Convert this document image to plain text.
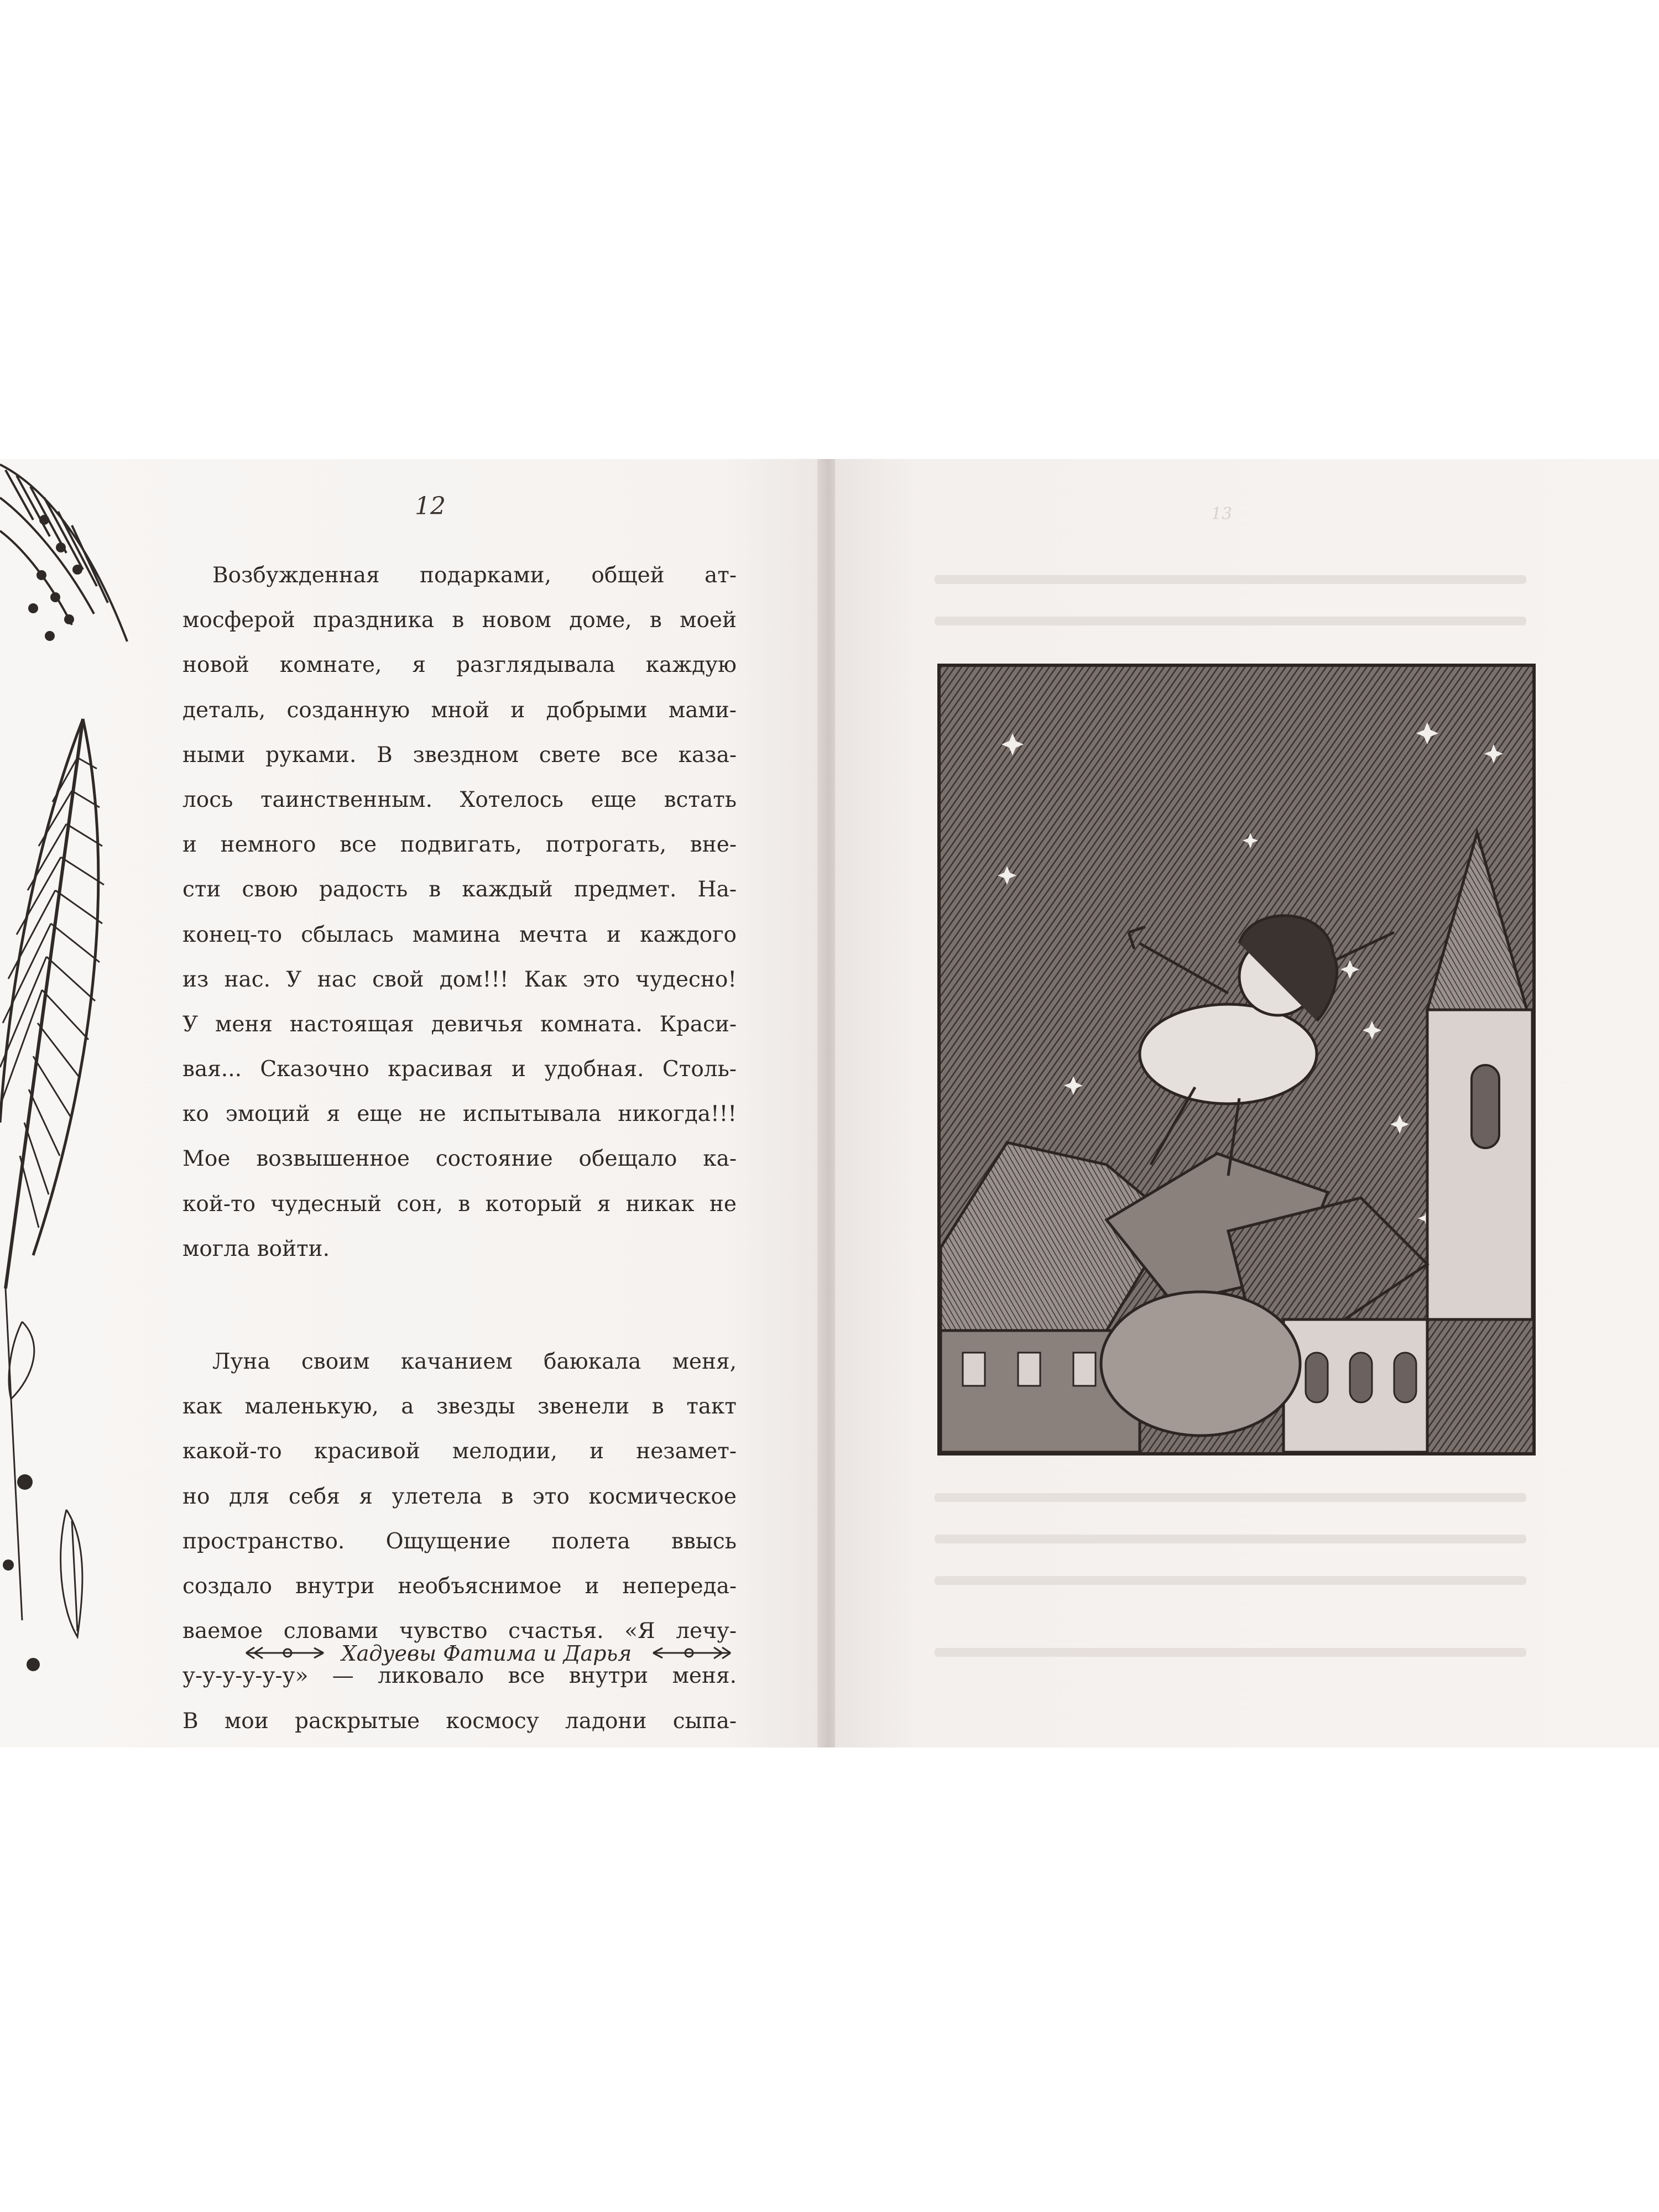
12
Возбужденная подарками, общей ат-
мосферой праздника в новом доме, в моей
новой комнате, я разглядывала каждую
деталь, созданную мной и добрыми мами-
ными руками. В звездном свете все каза-
лось таинственным. Хотелось еще встать
и немного все подвигать, потрогать, вне-
сти свою радость в каждый предмет. На-
конец-то сбылась мамина мечта и каждого
из нас. У нас свой дом!!! Как это чудесно!
У меня настоящая девичья комната. Краси-
вая... Сказочно красивая и удобная. Столь-
ко эмоций я еще не испытывала никогда!!!
Мое возвышенное состояние обещало ка-
кой-то чудесный сон, в который я никак не
могла войти.
Луна своим качанием баюкала меня,
как маленькую, а звезды звенели в такт
какой-то красивой мелодии, и незамет-
но для себя я улетела в это космическое
пространство. Ощущение полета ввысь
создало внутри необъяснимое и непереда-
ваемое словами чувство счастья. «Я лечу-
у-у-у-у-у-у» — ликовало все внутри меня.
В мои раскрытые космосу ладони сыпа-
Хадуевы Фатима и Дарья
13
